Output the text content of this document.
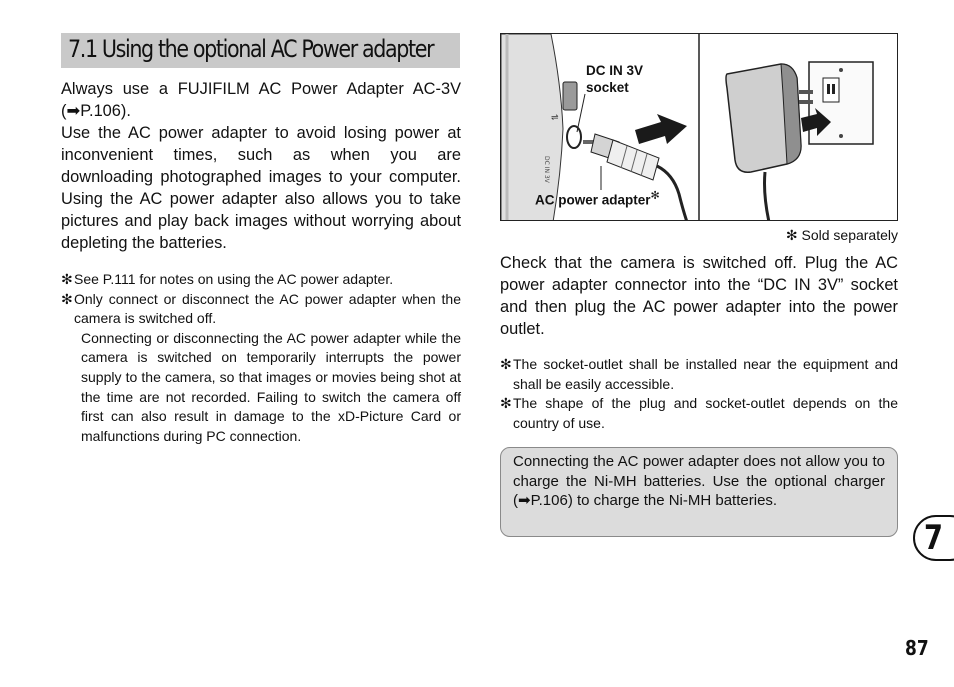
7.1 Using the optional AC Power adapter

Always use a FUJIFILM AC Power Adapter AC-3V (➡P.106).

Use the AC power adapter to avoid losing power at inconvenient times, such as when you are downloading photographed images to your computer. Using the AC power adapter also allows you to take pictures and play back images without worrying about depleting the batteries.

✻ See P.111 for notes on using the AC power adapter.

✻ Only connect or disconnect the AC power adapter when the camera is switched off.

Connecting or disconnecting the AC power adapter while the camera is switched on temporarily interrupts the power supply to the camera, so that images or movies being shot at the time are not recorded. Failing to switch the camera off first can also result in damage to the xD-Picture Card or malfunctions during PC connection.

⇌
DC IN 3V
DC IN 3V
socket
AC power adapter✻
✻ Sold separately

Check that the camera is switched off. Plug the AC power adapter connector into the “DC IN 3V” socket and then plug the AC power adapter into the power outlet.

✻ The socket-outlet shall be installed near the equipment and shall be easily accessible.

✻ The shape of the plug and socket-outlet depends on the country of use.

Connecting the AC power adapter does not allow you to charge the Ni-MH batteries. Use the optional charger (➡P.106) to charge the Ni-MH batteries.
7
87
